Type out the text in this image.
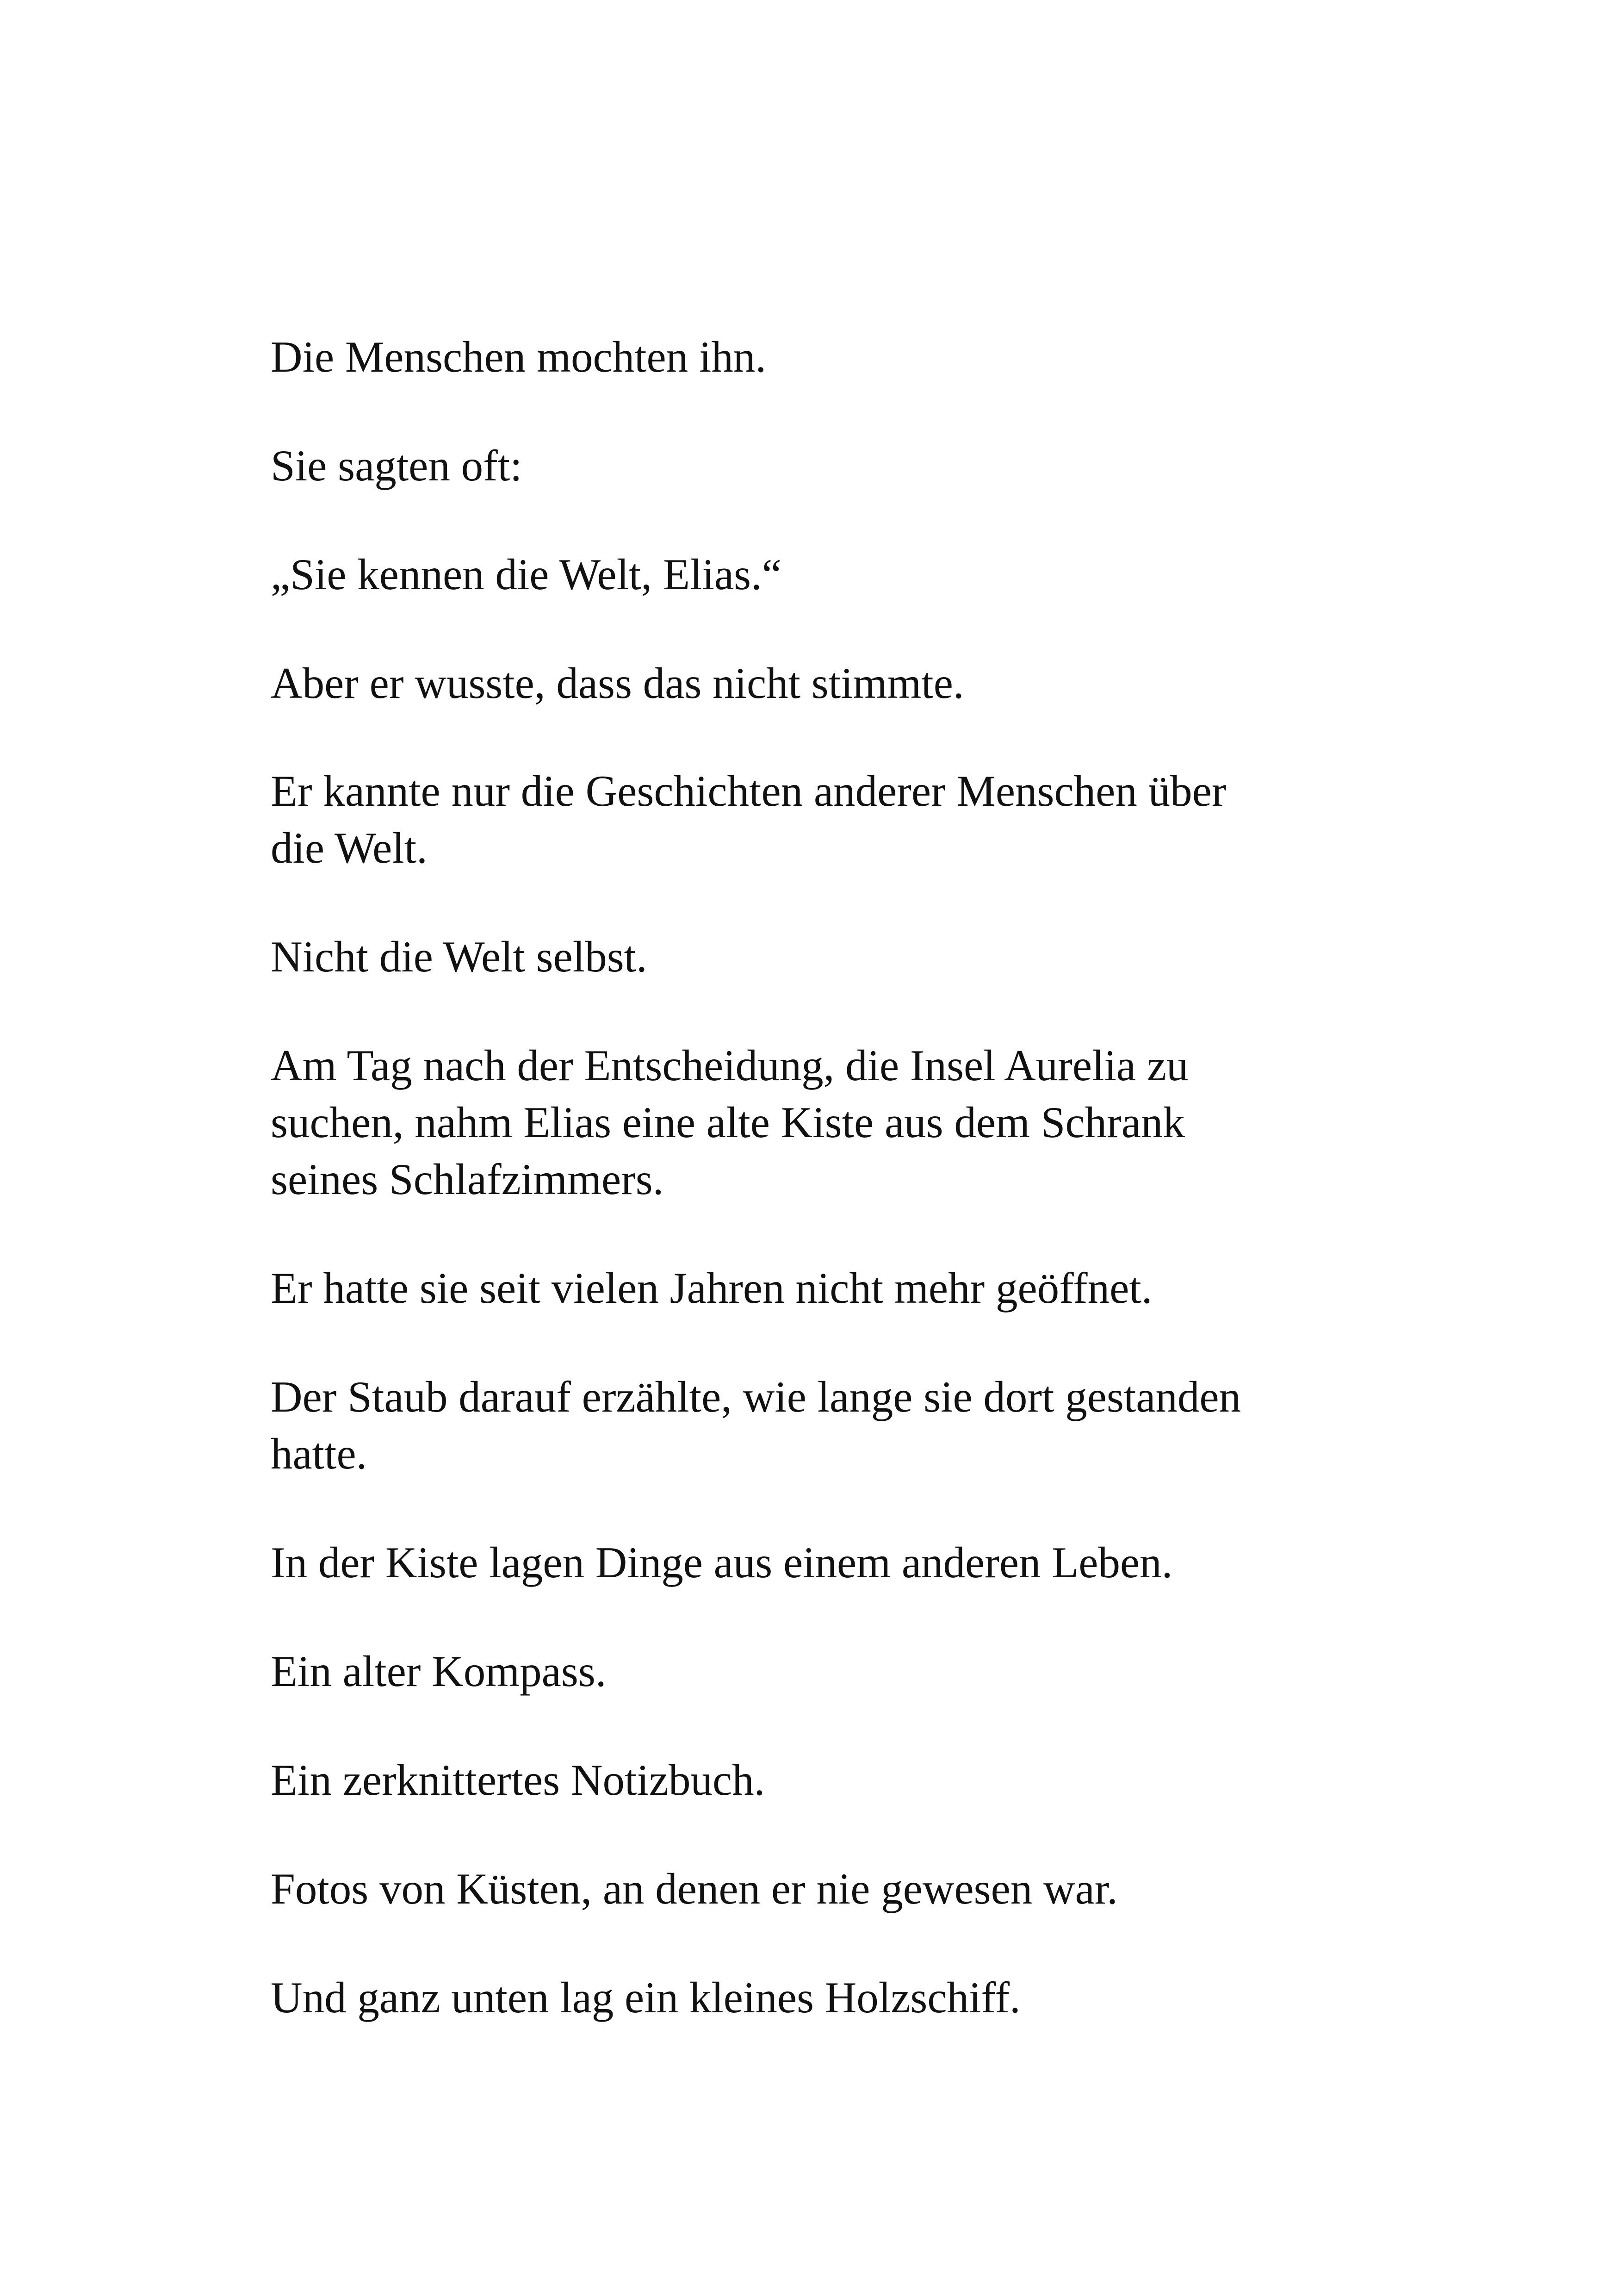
Die Menschen mochten ihn.

Sie sagten oft:

„Sie kennen die Welt, Elias.“

Aber er wusste, dass das nicht stimmte.

Er kannte nur die Geschichten anderer Menschen über
die Welt.

Nicht die Welt selbst.

Am Tag nach der Entscheidung, die Insel Aurelia zu
suchen, nahm Elias eine alte Kiste aus dem Schrank
seines Schlafzimmers.

Er hatte sie seit vielen Jahren nicht mehr geöffnet.

Der Staub darauf erzählte, wie lange sie dort gestanden
hatte.

In der Kiste lagen Dinge aus einem anderen Leben.

Ein alter Kompass.

Ein zerknittertes Notizbuch.

Fotos von Küsten, an denen er nie gewesen war.

Und ganz unten lag ein kleines Holzschiff.
